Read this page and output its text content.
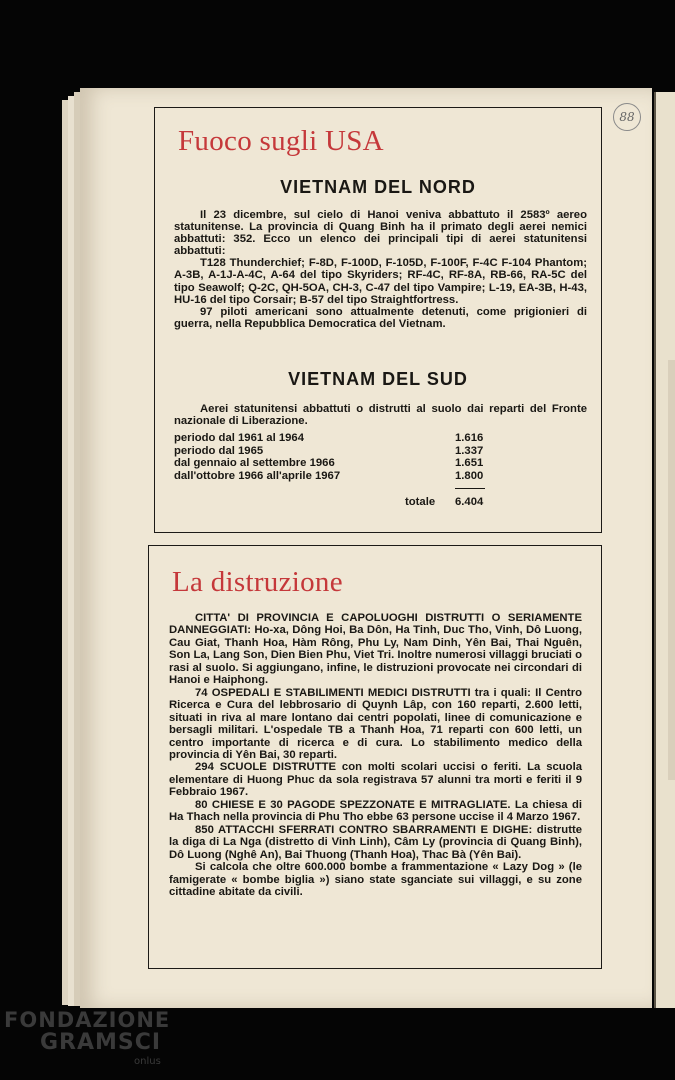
88
Fuoco sugli USA
VIETNAM DEL NORD
Il 23 dicembre, sul cielo di Hanoi veniva abbattuto il 2583º aereo statunitense. La provincia di Quang Binh ha il primato degli aerei nemici abbattuti: 352. Ecco un elenco dei principali tipi di aerei statunitensi abbattuti:
T128 Thunderchief; F-8D, F-100D, F-105D, F-100F, F-4C F-104 Phantom; A-3B, A-1J-A-4C, A-64 del tipo Skyriders; RF-4C, RF-8A, RB-66, RA-5C del tipo Seawolf; Q-2C, QH-5OA, CH-3, C-47 del tipo Vampire; L-19, EA-3B, H-43, HU-16 del tipo Corsair; B-57 del tipo Straightfortress.
97 piloti americani sono attualmente detenuti, come prigionieri di guerra, nella Repubblica Democratica del Vietnam.
VIETNAM DEL SUD
Aerei statunitensi abbattuti o distrutti al suolo dai reparti del Fronte nazionale di Liberazione.
periodo dal 1961 al 1964	1.616
periodo dal 1965	1.337
dal gennaio al settembre 1966	1.651
dall'ottobre 1966 all'aprile 1967	1.800
totale 6.404
La distruzione
CITTA' DI PROVINCIA E CAPOLUOGHI DISTRUTTI O SERIAMENTE DANNEGGIATI: Ho-xa, Dông Hoi, Ba Dôn, Ha Tinh, Duc Tho, Vinh, Dô Luong, Cau Giat, Thanh Hoa, Hàm Rông, Phu Ly, Nam Dinh, Yên Bai, Thai Nguên, Son La, Lang Son, Dien Bien Phu, Viet Tri. Inoltre numerosi villaggi bruciati o rasi al suolo. Si aggiungano, infine, le distruzioni provocate nei circondari di Hanoi e Haiphong.
74 OSPEDALI E STABILIMENTI MEDICI DISTRUTTI tra i quali: Il Centro Ricerca e Cura del lebbrosario di Quynh Lâp, con 160 reparti, 2.600 letti, situati in riva al mare lontano dai centri popolati, linee di comunicazione e bersagli militari. L'ospedale TB a Thanh Hoa, 71 reparti con 600 letti, un centro importante di ricerca e di cura. Lo stabilimento medico della provincia di Yên Bai, 30 reparti.
294 SCUOLE DISTRUTTE con molti scolari uccisi o feriti. La scuola elementare di Huong Phuc da sola registrava 57 alunni tra morti e feriti il 9 Febbraio 1967.
80 CHIESE E 30 PAGODE SPEZZONATE E MITRAGLIATE. La chiesa di Ha Thach nella provincia di Phu Tho ebbe 63 persone uccise il 4 Marzo 1967.
850 ATTACCHI SFERRATI CONTRO SBARRAMENTI E DIGHE: distrutte la diga di La Nga (distretto di Vinh Linh), Câm Ly (provincia di Quang Binh), Dô Luong (Nghê An), Bai Thuong (Thanh Hoa), Thac Bà (Yên Bai).
Si calcola che oltre 600.000 bombe a frammentazione « Lazy Dog » (le famigerate « bombe biglia ») siano state sganciate sui villaggi, e su zone cittadine abitate da civili.
FONDAZIONE
GRAMSCI
onlus
